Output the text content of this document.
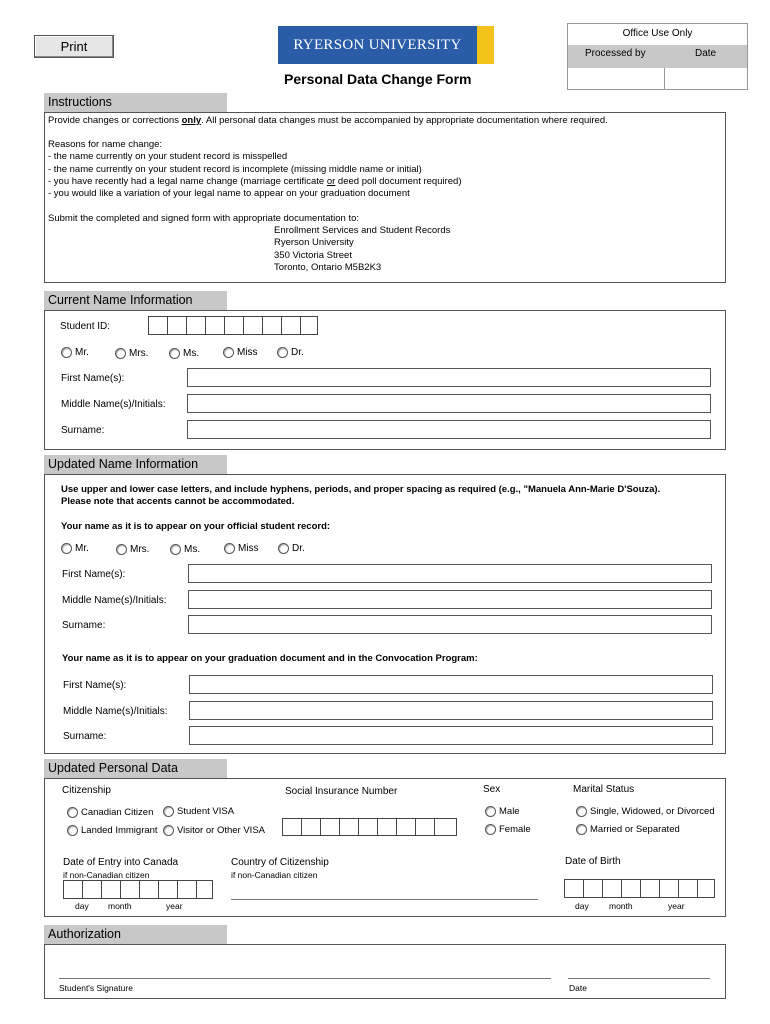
Print	RYERSON UNIVERSITY
Personal Data Change Form
Office Use Only
Processed by	Date
Instructions
Provide changes or corrections only. All personal data changes must be accompanied by appropriate documentation where required.
Reasons for name change:
- the name currently on your student record is misspelled
- the name currently on your student record is incomplete (missing middle name or initial)
- you have recently had a legal name change (marriage certificate or deed poll document required)
- you would like a variation of your legal name to appear on your graduation document
Submit the completed and signed form with appropriate documentation to:
Enrollment Services and Student Records
Ryerson University
350 Victoria Street
Toronto, Ontario M5B2K3
Current Name Information
Student ID:
Mr.	Mrs.	Ms.	Miss	Dr.
First Name(s):
Middle Name(s)/Initials:
Surname:
Updated Name Information
Use upper and lower case letters, and include hyphens, periods, and proper spacing as required (e.g., "Manuela Ann-Marie D'Souza).
Please note that accents cannot be accommodated.
Your name as it is to appear on your official student record:
Mr.	Mrs.	Ms.	Miss	Dr.
First Name(s):
Middle Name(s)/Initials:
Surname:
Your name as it is to appear on your graduation document and in the Convocation Program:
First Name(s):
Middle Name(s)/Initials:
Surname:
Updated Personal Data
Citizenship
Canadian Citizen Student VISA
Landed Immigrant Visitor or Other VISA
Social Insurance Number	Sex
Male
Female
Marital Status
Single, Widowed, or Divorced
Married or Separated
Date of Entry into Canada
if non-Canadian citizen
day month	year
Country of Citizenship
if non-Canadian citizen
Date of Birth
day month	year
Authorization
Student's Signature	Date
